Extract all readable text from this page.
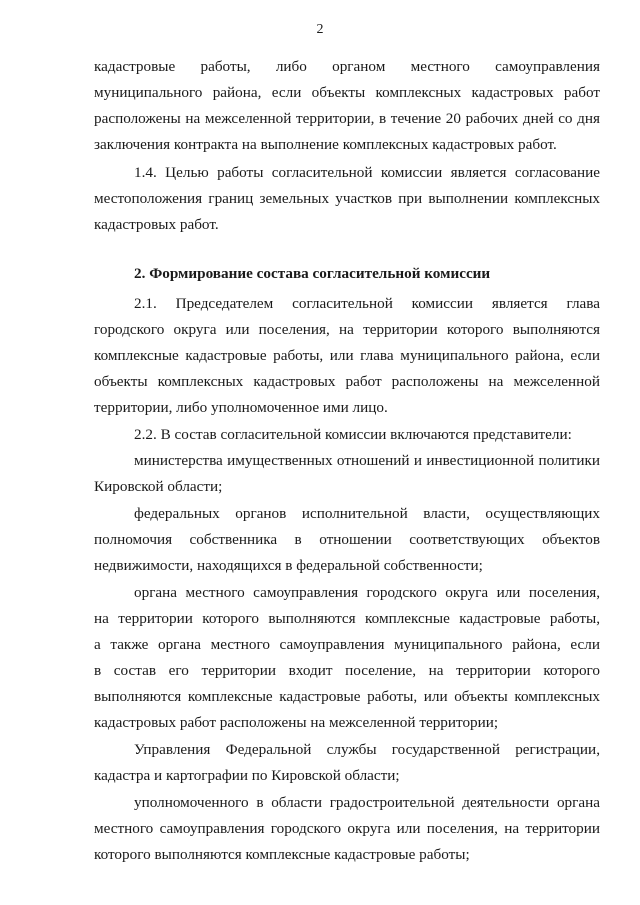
2

кадастровые работы, либо органом местного самоуправления

муниципального района, если объекты комплексных кадастровых работ

расположены на межселенной территории, в течение 20 рабочих дней со дня

заключения контракта на выполнение комплексных кадастровых работ.

1.4. Целью работы согласительной комиссии является согласование

местоположения границ земельных участков при выполнении комплексных

кадастровых работ.

2. Формирование состава согласительной комиссии

2.1. Председателем согласительной комиссии является глава

городского округа или поселения, на территории которого выполняются

комплексные кадастровые работы, или глава муниципального района, если

объекты комплексных кадастровых работ расположены на межселенной

территории, либо уполномоченное ими лицо.

2.2. В состав согласительной комиссии включаются представители:

министерства имущественных отношений и инвестиционной политики

Кировской области;

федеральных органов исполнительной власти, осуществляющих

полномочия собственника в отношении соответствующих объектов

недвижимости, находящихся в федеральной собственности;

органа местного самоуправления городского округа или поселения,

на территории которого выполняются комплексные кадастровые работы,

а также органа местного самоуправления муниципального района, если

в состав его территории входит поселение, на территории которого

выполняются комплексные кадастровые работы, или объекты комплексных

кадастровых работ расположены на межселенной территории;

Управления Федеральной службы государственной регистрации,

кадастра и картографии по Кировской области;

уполномоченного в области градостроительной деятельности органа

местного самоуправления городского округа или поселения, на территории

которого выполняются комплексные кадастровые работы;
